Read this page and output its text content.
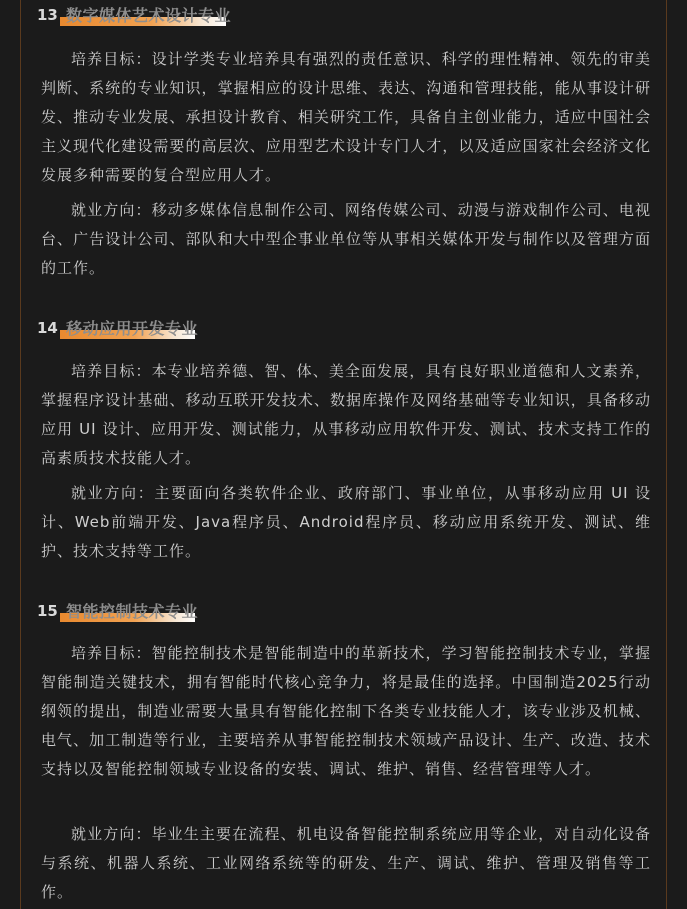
13 数字媒体艺术设计专业

培养目标：设计学类专业培养具有强烈的责任意识、科学的理性精神、领先的审美判断、系统的专业知识，掌握相应的设计思维、表达、沟通和管理技能，能从事设计研发、推动专业发展、承担设计教育、相关研究工作，具备自主创业能力，适应中国社会主义现代化建设需要的高层次、应用型艺术设计专门人才，以及适应国家社会经济文化发展多种需要的复合型应用人才。

就业方向：移动多媒体信息制作公司、网络传媒公司、动漫与游戏制作公司、电视台、广告设计公司、部队和大中型企事业单位等从事相关媒体开发与制作以及管理方面的工作。

14 移动应用开发专业

培养目标：本专业培养德、智、体、美全面发展，具有良好职业道德和人文素养，掌握程序设计基础、移动互联开发技术、数据库操作及网络基础等专业知识，具备移动应用 UI 设计、应用开发、测试能力，从事移动应用软件开发、测试、技术支持工作的高素质技术技能人才。

就业方向：主要面向各类软件企业、政府部门、事业单位，从事移动应用 UI 设计、Web前端开发、Java程序员、Android程序员、移动应用系统开发、测试、维护、技术支持等工作。

15 智能控制技术专业

培养目标：智能控制技术是智能制造中的革新技术，学习智能控制技术专业，掌握智能制造关键技术，拥有智能时代核心竞争力，将是最佳的选择。中国制造2025行动纲领的提出，制造业需要大量具有智能化控制下各类专业技能人才，该专业涉及机械、电气、加工制造等行业，主要培养从事智能控制技术领域产品设计、生产、改造、技术支持以及智能控制领域专业设备的安装、调试、维护、销售、经营管理等人才。

就业方向：毕业生主要在流程、机电设备智能控制系统应用等企业，对自动化设备与系统、机器人系统、工业网络系统等的研发、生产、调试、维护、管理及销售等工作。
